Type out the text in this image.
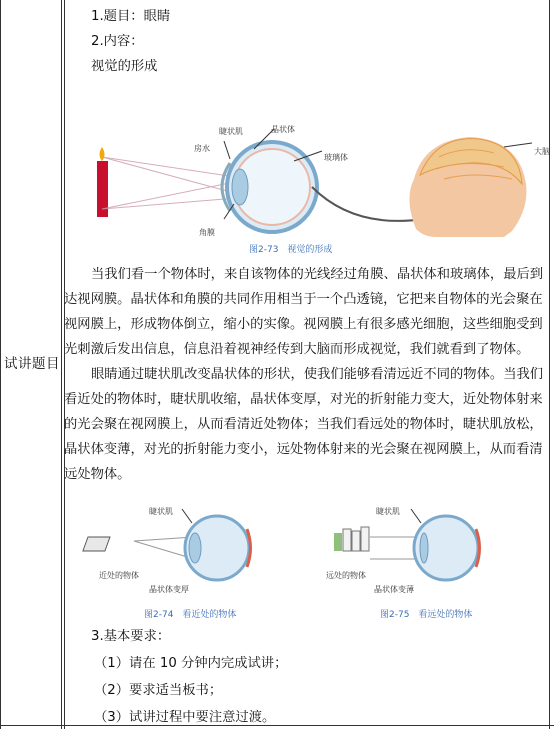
试讲题目

1.题目：眼睛

2.内容：

视觉的形成

睫状肌	晶状体
房水
玻璃体
大脑
角膜
图2-73　视觉的形成

当我们看一个物体时，来自该物体的光线经过角膜、晶状体和玻璃体，最后到达视网膜。晶状体和角膜的共同作用相当于一个凸透镜，它把来自物体的光会聚在视网膜上，形成物体倒立，缩小的实像。视网膜上有很多感光细胞，这些细胞受到光刺激后发出信息，信息沿着视神经传到大脑而形成视觉，我们就看到了物体。

眼睛通过睫状肌改变晶状体的形状，使我们能够看清远近不同的物体。当我们看近处的物体时，睫状肌收缩，晶状体变厚，对光的折射能力变大，近处物体射来的光会聚在视网膜上，从而看清近处物体；当我们看远处的物体时，睫状肌放松，晶状体变薄，对光的折射能力变小，远处物体射来的光会聚在视网膜上，从而看清远处物体。

睫状肌
近处的物体
晶状体变厚
睫状肌
远处的物体
晶状体变薄
图2-74　看近处的物体	图2-75　看远处的物体

3.基本要求：

（1）请在 10 分钟内完成试讲；

（2）要求适当板书；

（3）试讲过程中要注意过渡。
